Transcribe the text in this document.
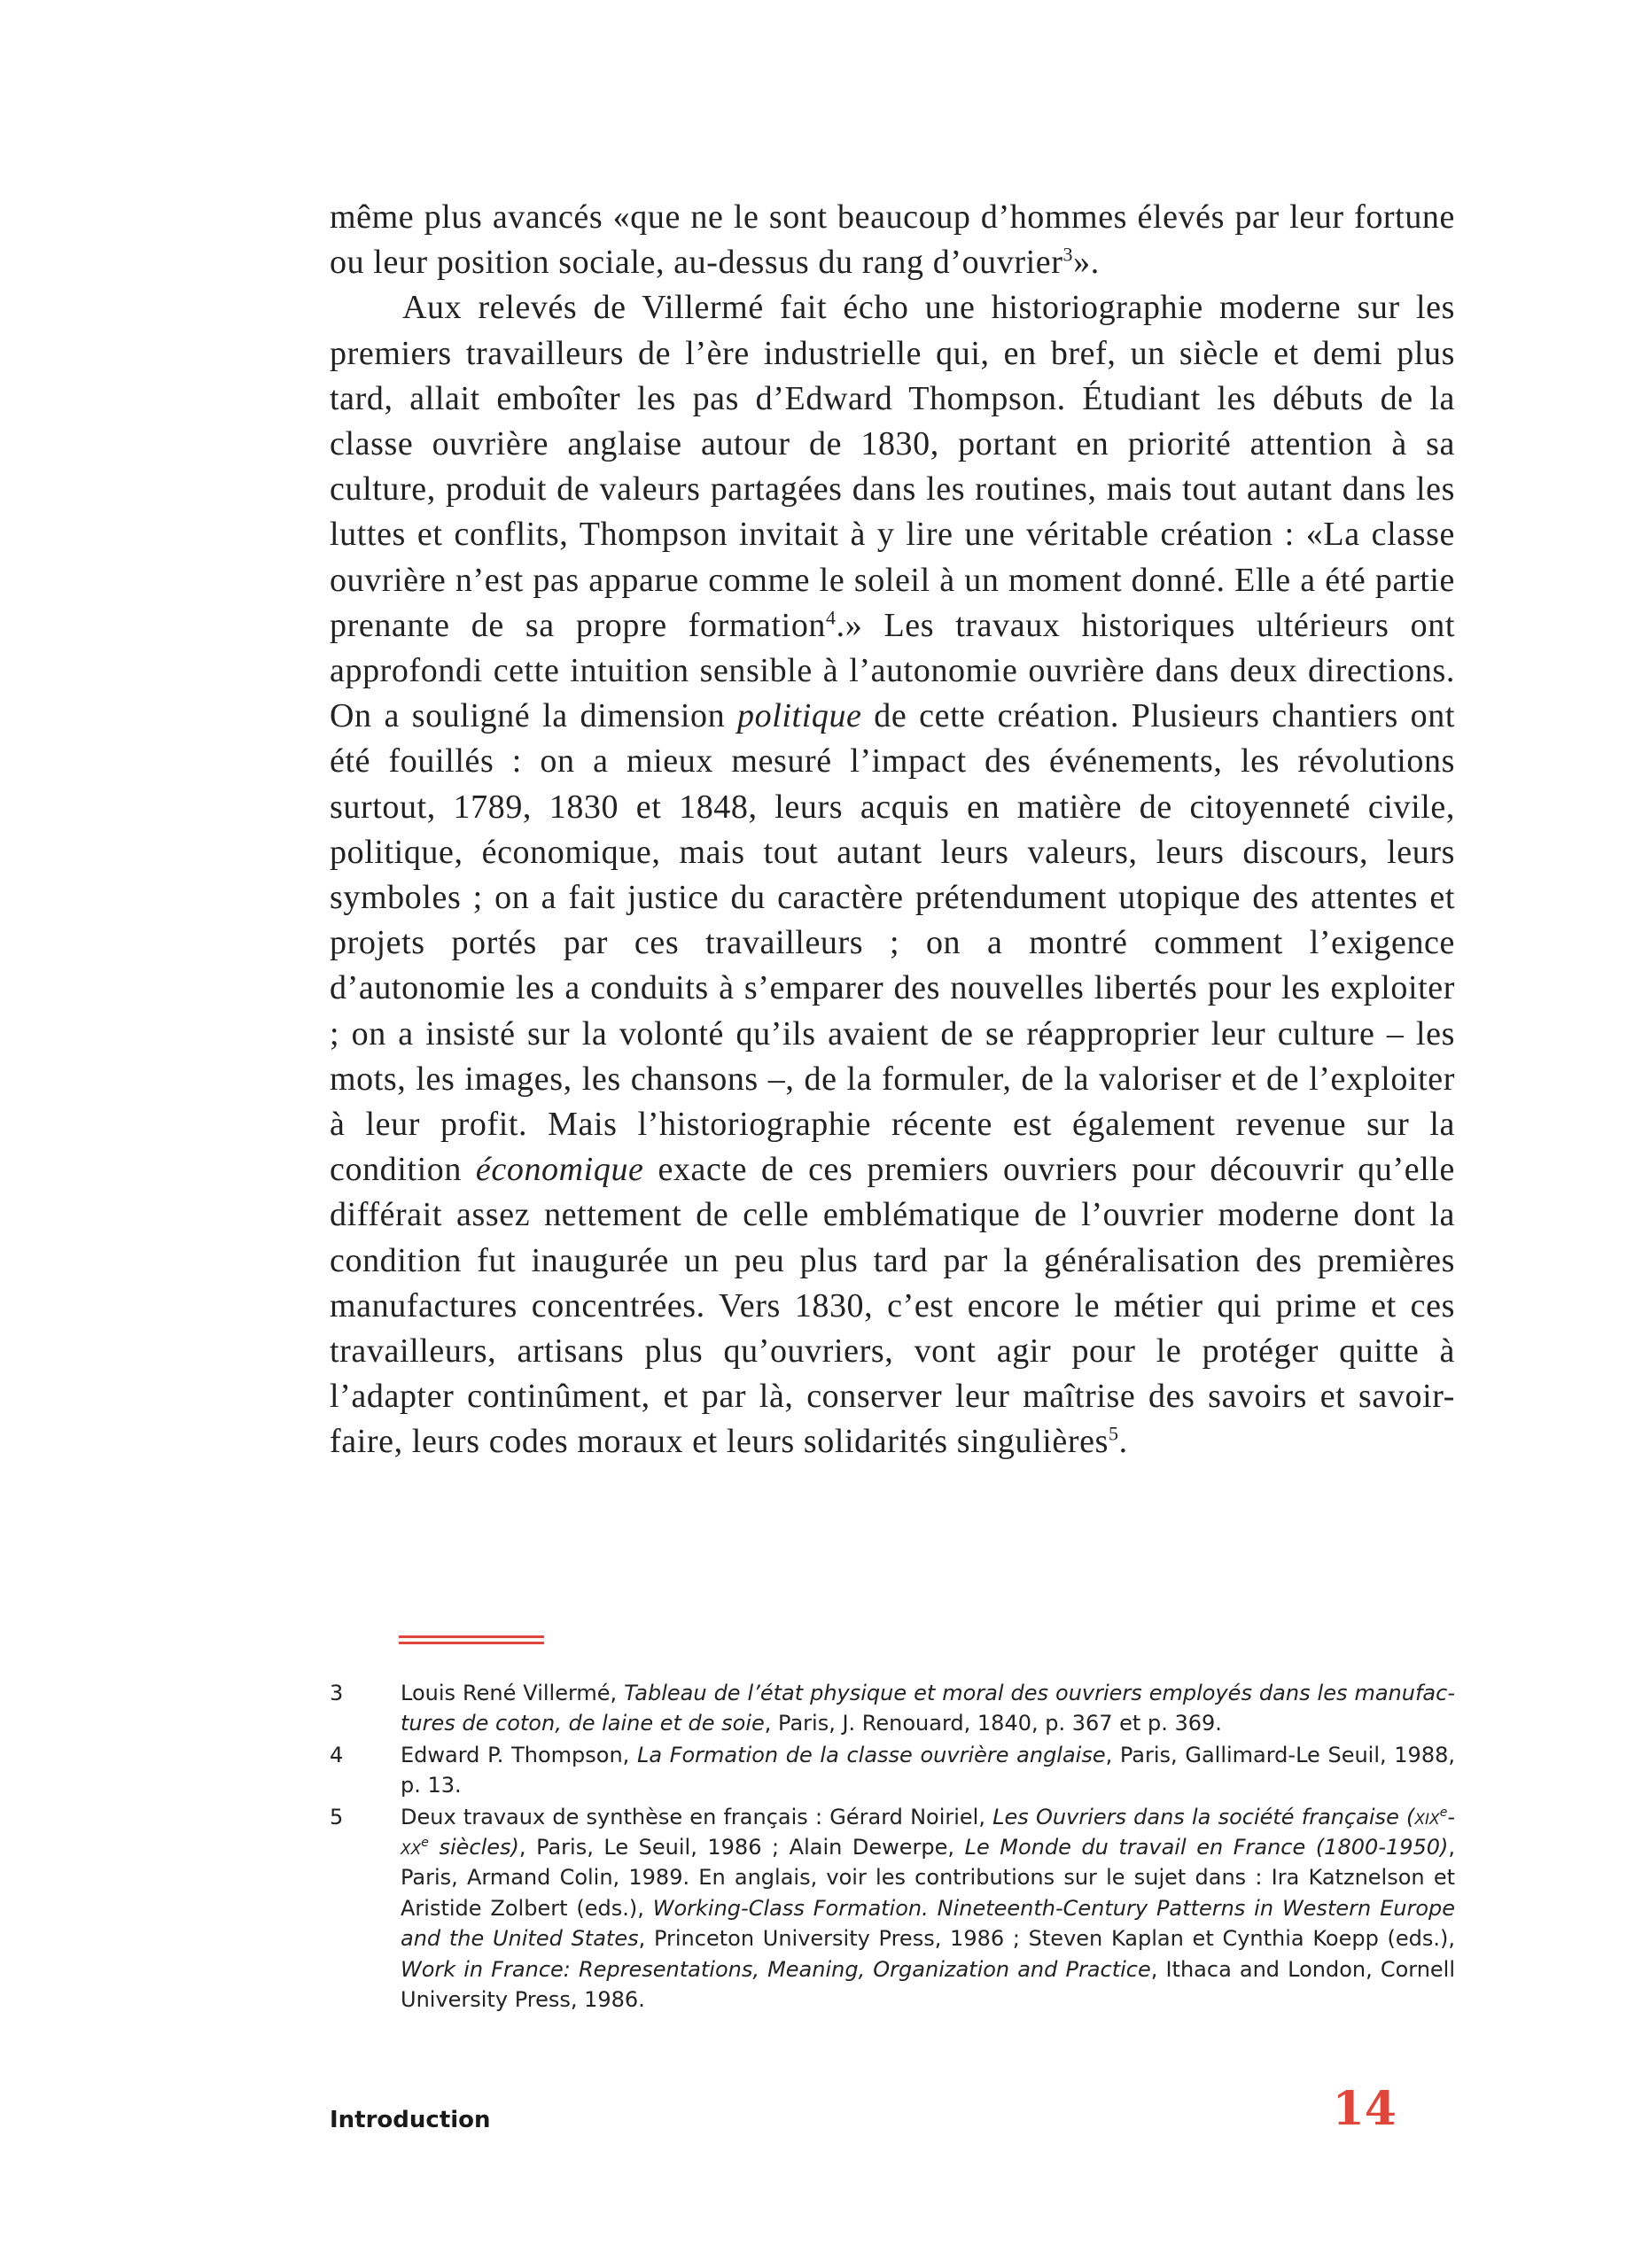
même plus avancés «que ne le sont beaucoup d’hommes élevés par leur fortune ou leur position sociale, au-dessus du rang d’ouvrier$^3$».

Aux relevés de Villermé fait écho une historiographie moderne sur les premiers travailleurs de l’ère industrielle qui, en bref, un siècle et demi plus tard, allait emboîter les pas d’Edward Thompson. Étudiant les débuts de la classe ouvrière anglaise autour de 1830, portant en priorité attention à sa culture, produit de valeurs partagées dans les routines, mais tout autant dans les luttes et conflits, Thompson invitait à y lire une véritable création : «La classe ouvrière n’est pas apparue comme le soleil à un moment donné. Elle a été partie prenante de sa propre formation$^4$.» Les travaux historiques ultérieurs ont approfondi cette intuition sensible à l’autonomie ouvrière dans deux directions. On a souligné la dimension politique de cette création. Plusieurs chantiers ont été fouillés : on a mieux mesuré l’impact des événements, les révolutions surtout, 1789, 1830 et 1848, leurs acquis en matière de citoyenneté civile, politique, économique, mais tout autant leurs valeurs, leurs discours, leurs symboles ; on a fait justice du caractère prétendument utopique des attentes et projets portés par ces travailleurs ; on a montré comment l’exigence d’autonomie les a conduits à s’emparer des nouvelles libertés pour les exploiter ; on a insisté sur la volonté qu’ils avaient de se réapproprier leur culture – les mots, les images, les chansons –, de la formuler, de la valoriser et de l’exploiter à leur profit. Mais l’historiographie récente est également revenue sur la condition économique exacte de ces premiers ouvriers pour découvrir qu’elle différait assez nettement de celle emblématique de l’ouvrier moderne dont la condition fut inaugurée un peu plus tard par la généralisation des premières manufactures concentrées. Vers 1830, c’est encore le métier qui prime et ces travailleurs, artisans plus qu’ouvriers, vont agir pour le protéger quitte à l’adapter continûment, et par là, conserver leur maîtrise des savoirs et savoir-faire, leurs codes moraux et leurs solidarités singulières$^5$.

3	Louis René Villermé, Tableau de l’état physique et moral des ouvriers employés dans les manufactures de coton, de laine et de soie, Paris, J. Renouard, 1840, p. 367 et p. 369.
4	Edward P. Thompson, La Formation de la classe ouvrière anglaise, Paris, Gallimard-Le Seuil, 1988, p. 13.
5	Deux travaux de synthèse en français : Gérard Noiriel, Les Ouvriers dans la société française ($xix^e-xx^e$ siècles), Paris, Le Seuil, 1986 ; Alain Dewerpe, Le Monde du travail en France (1800-1950), Paris, Armand Colin, 1989. En anglais, voir les contributions sur le sujet dans : Ira Katznelson et Aristide Zolbert (eds.), Working-Class Formation. Nineteenth-Century Patterns in Western Europe and the United States, Princeton University Press, 1986 ; Steven Kaplan et Cynthia Koepp (eds.), Work in France: Representations, Meaning, Organization and Practice, Ithaca and London, Cornell University Press, 1986.
Introduction	14
